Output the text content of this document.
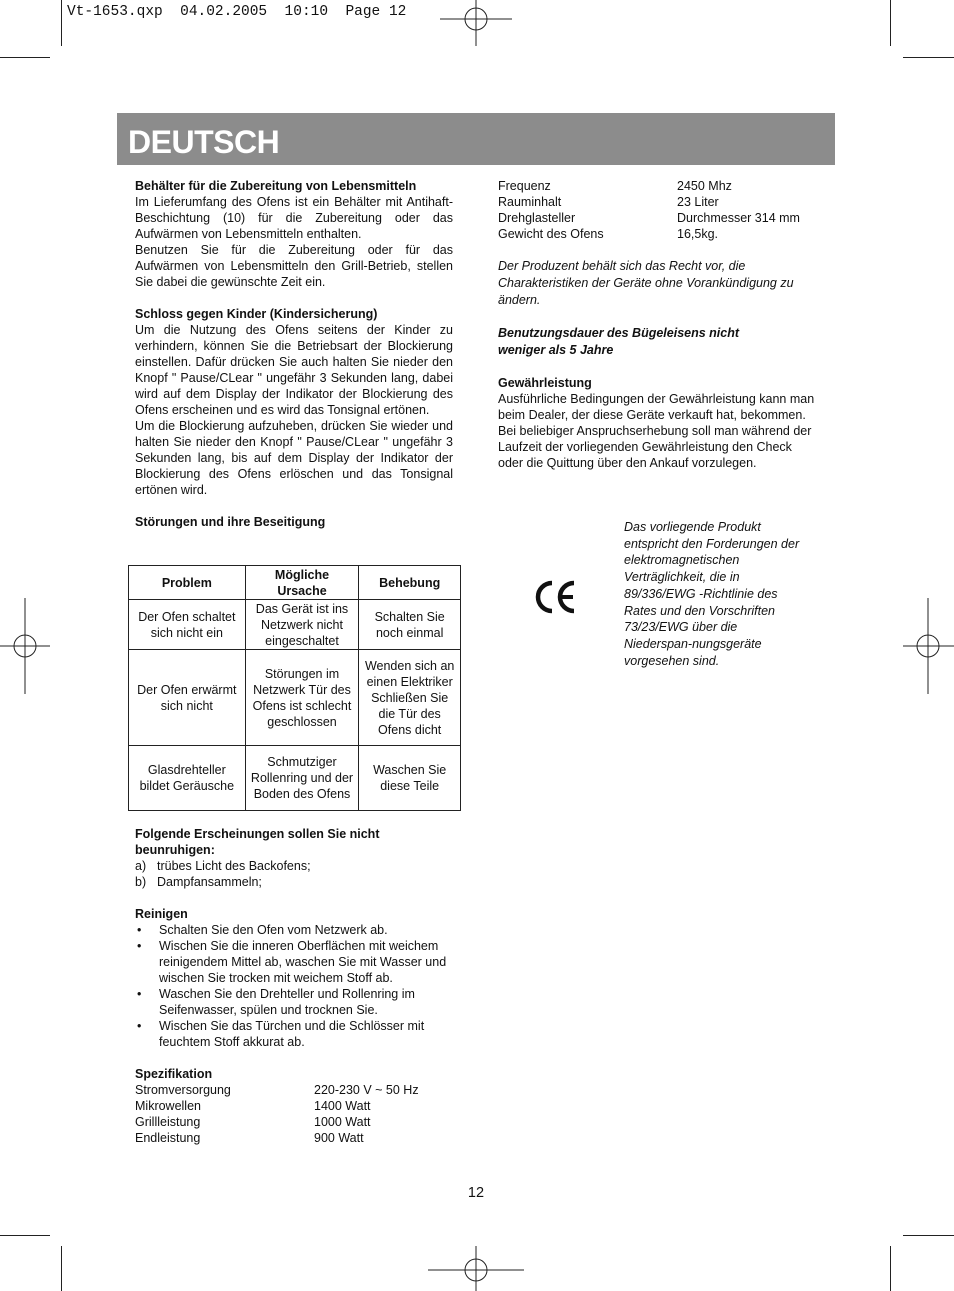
Vt-1653.qxp  04.02.2005  10:10  Page 12
DEUTSCH

Behälter für die Zubereitung von Lebensmitteln

Im Lieferumfang des Ofens ist ein Behälter mit Antihaft-Beschichtung (10) für die Zubereitung oder das Aufwärmen von Lebensmitteln enthalten.

Benutzen Sie für die Zubereitung oder für das Aufwärmen von Lebensmitteln den Grill-Betrieb, stellen Sie dabei die gewünschte Zeit ein.

Schloss gegen Kinder (Kindersicherung)

Um die Nutzung des Ofens seitens der Kinder zu verhindern, können Sie die Betriebsart der Blockierung einstellen. Dafür drücken Sie auch halten Sie nieder den Knopf " Pause/CLear " ungefähr 3 Sekunden lang, dabei wird auf dem Display der Indikator der Blockierung des Ofens erscheinen und es wird das Tonsignal ertönen.

Um die Blockierung aufzuheben, drücken Sie wieder und halten Sie nieder den Knopf " Pause/CLear " ungefähr 3 Sekunden lang, bis auf dem Display der Indikator der Blockierung des Ofens erlöschen und das Tonsignal ertönen wird.

Störungen und ihre Beseitigung

Problem	Mögliche Ursache	Behebung
Der Ofen schaltet sich nicht ein	Das Gerät ist ins Netzwerk nicht eingeschaltet	Schalten Sie noch einmal
Der Ofen erwärmt sich nicht	Störungen im Netzwerk Tür des Ofens ist schlecht geschlossen	Wenden sich an einen Elektriker Schließen Sie die Tür des Ofens dicht
Glasdrehteller bildet Geräusche	Schmutziger Rollenring und der Boden des Ofens	Waschen Sie diese Teile

Folgende Erscheinungen sollen Sie nicht beunruhigen:

a) trübes Licht des Backofens;
b) Dampfansammeln;

Reinigen

•	Schalten Sie den Ofen vom Netzwerk ab.
•	Wischen Sie die inneren Oberflächen mit weichem reinigendem Mittel ab, waschen Sie mit Wasser und wischen Sie trocken mit weichem Stoff ab.
•	Waschen Sie den Drehteller und Rollenring im Seifenwasser, spülen und trocknen Sie.
•	Wischen Sie das Türchen und die Schlösser mit feuchtem Stoff akkurat ab.

Spezifikation

Stromversorgung	220-230 V ~ 50 Hz
Mikrowellen	1400 Watt
Grillleistung	1000 Watt
Endleistung	900 Watt
Frequenz	2450 Mhz
Rauminhalt	23 Liter
Drehglasteller	Durchmesser 314 mm
Gewicht des Ofens	16,5kg.

Der Produzent behält sich das Recht vor, die Charakteristiken der Geräte ohne Vorankündigung zu ändern.

Benutzungsdauer des Bügeleisens nicht weniger als 5 Jahre

Gewährleistung

Ausführliche Bedingungen der Gewährleistung kann man beim Dealer, der diese Geräte verkauft hat, bekommen.

Bei beliebiger Anspruchserhebung soll man während der Laufzeit der vorliegenden Gewährleistung den Check oder die Quittung über den Ankauf vorzulegen.

Das vorliegende Produkt entspricht den Forderungen der elektromagnetischen Verträglichkeit, die in 89/336/EWG -Richtlinie des Rates und den Vorschriften 73/23/EWG über die Niederspan-nungsgeräte vorgesehen sind.

12
